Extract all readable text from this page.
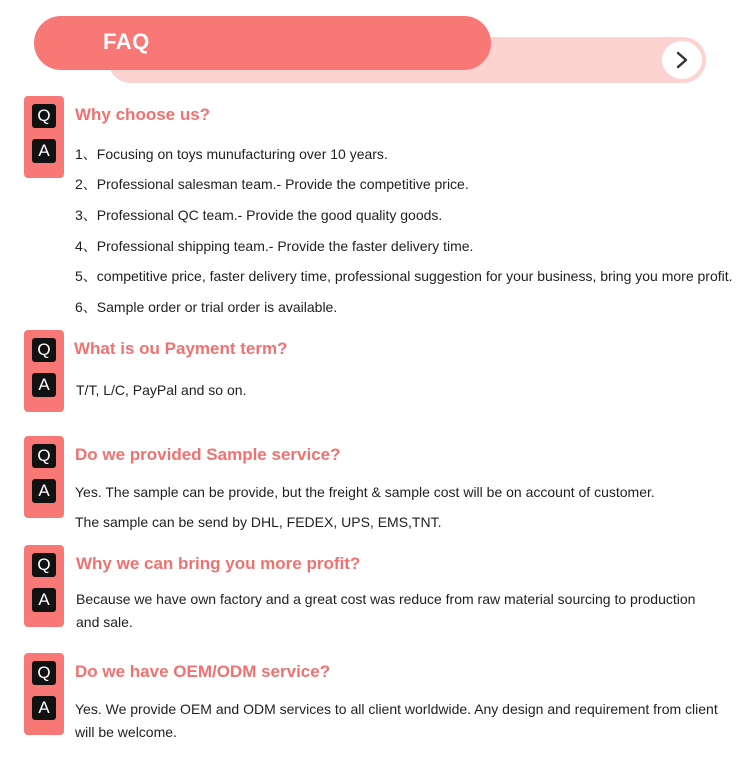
FAQ
Q
A
Why choose us?
1、Focusing on toys munufacturing over 10 years.
2、Professional salesman team.- Provide the competitive price.
3、Professional QC team.- Provide the good quality goods.
4、Professional shipping team.- Provide the faster delivery time.
5、competitive price, faster delivery time, professional suggestion for your business, bring you more profit.
6、Sample order or trial order is available.
Q
A
What is ou Payment term?
T/T, L/C, PayPal and so on.
Q
A
Do we provided Sample service?
Yes. The sample can be provide, but the freight & sample cost will be on account of customer.
The sample can be send by DHL, FEDEX, UPS, EMS,TNT.
Q
A
Why we can bring you more profit?
Because we have own factory and a great cost was reduce from raw material sourcing to production and sale.
Q
A
Do we have OEM/ODM service?
Yes. We provide OEM and ODM services to all client worldwide. Any design and requirement from client will be welcome.
